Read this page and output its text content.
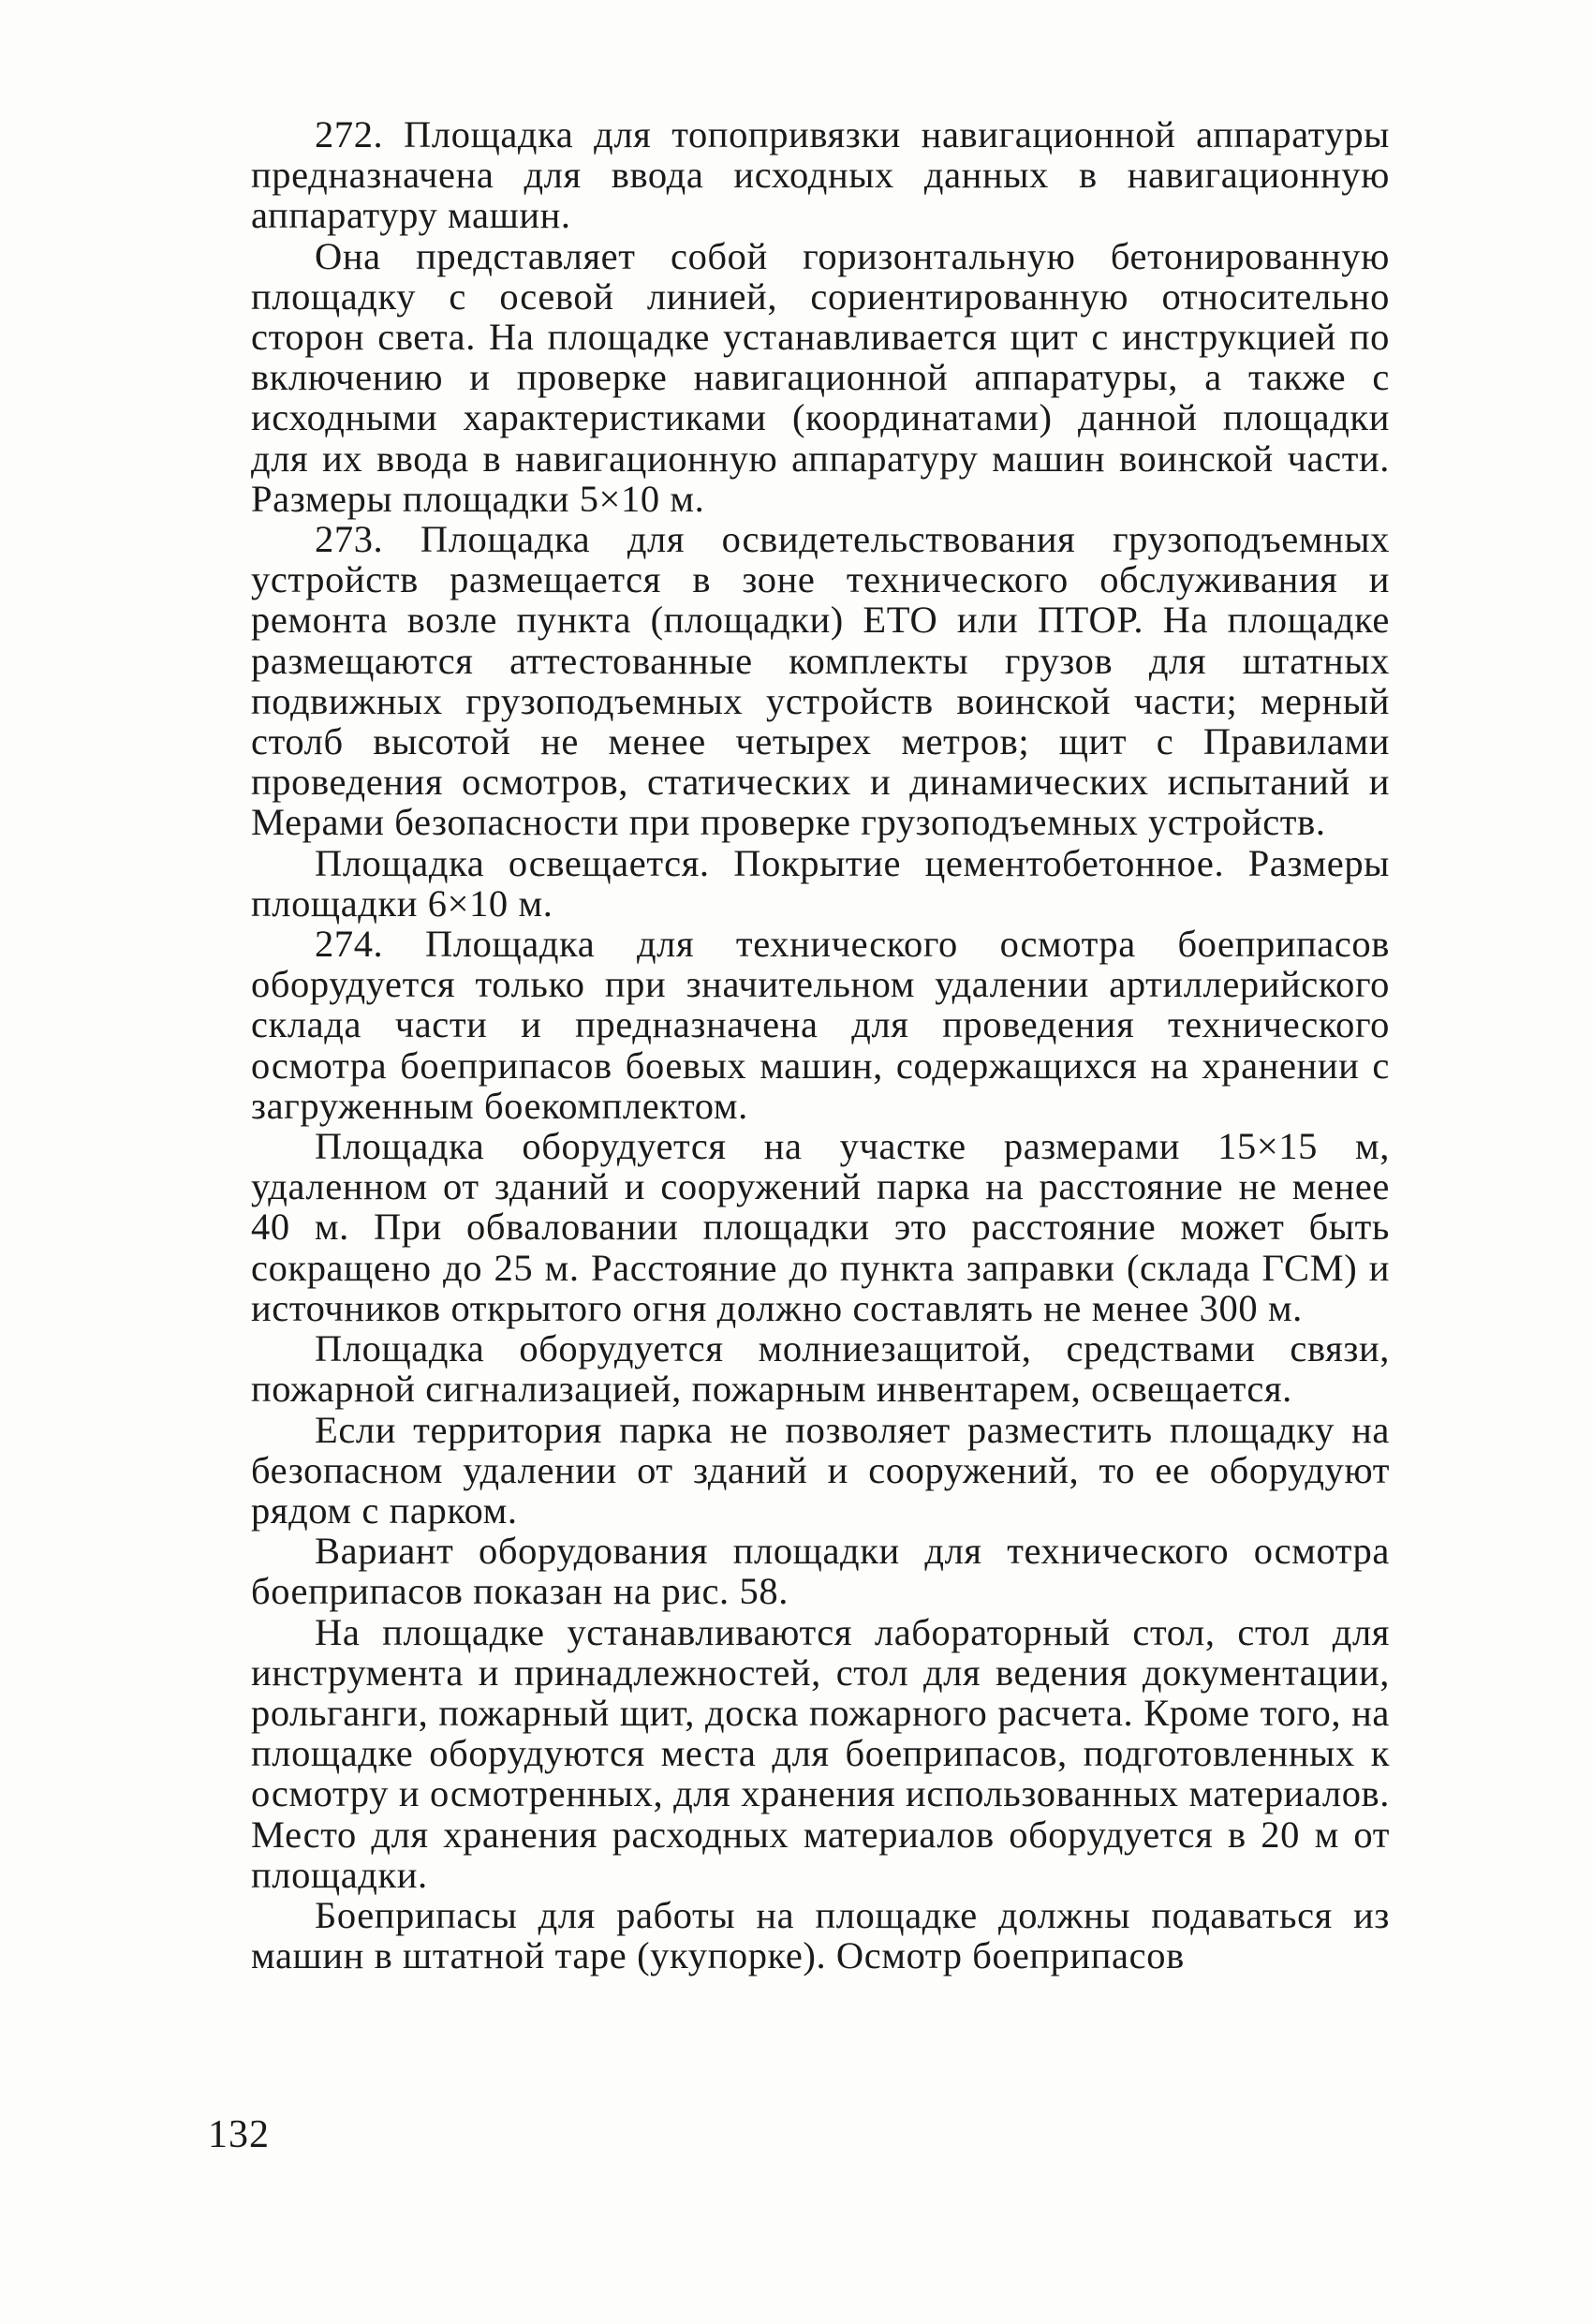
272. Площадка для топопривязки навигационной аппаратуры предназначена для ввода исходных данных в навигационную аппаратуру машин.

Она представляет собой горизонтальную бетонированную площадку с осевой линией, сориентированную относительно сторон света. На площадке устанавливается щит с инструкцией по включению и проверке навигационной аппаратуры, а также с исходными характеристиками (координатами) данной площадки для их ввода в навигационную аппаратуру машин воинской части. Размеры площадки 5×10 м.

273. Площадка для освидетельствования грузоподъемных устройств размещается в зоне технического обслуживания и ремонта возле пункта (площадки) ЕТО или ПТОР. На площадке размещаются аттестованные комплекты грузов для штатных подвижных грузоподъемных устройств воинской части; мерный столб высотой не менее четырех метров; щит с Правилами проведения осмотров, статических и динамических испытаний и Мерами безопасности при проверке грузоподъемных устройств.

Площадка освещается. Покрытие цементобетонное. Размеры площадки 6×10 м.

274. Площадка для технического осмотра боеприпасов оборудуется только при значительном удалении артиллерийского склада части и предназначена для проведения технического осмотра боеприпасов боевых машин, содержащихся на хранении с загруженным боекомплектом.

Площадка оборудуется на участке размерами 15×15 м, удаленном от зданий и сооружений парка на расстояние не менее 40 м. При обваловании площадки это расстояние может быть сокращено до 25 м. Расстояние до пункта заправки (склада ГСМ) и источников открытого огня должно составлять не менее 300 м.

Площадка оборудуется молниезащитой, средствами связи, пожарной сигнализацией, пожарным инвентарем, освещается.

Если территория парка не позволяет разместить площадку на безопасном удалении от зданий и сооружений, то ее оборудуют рядом с парком.

Вариант оборудования площадки для технического осмотра боеприпасов показан на рис. 58.

На площадке устанавливаются лабораторный стол, стол для инструмента и принадлежностей, стол для ведения документации, рольганги, пожарный щит, доска пожарного расчета. Кроме того, на площадке оборудуются места для боеприпасов, подготовленных к осмотру и осмотренных, для хранения использованных материалов. Место для хранения расходных материалов оборудуется в 20 м от площадки.

Боеприпасы для работы на площадке должны подаваться из машин в штатной таре (укупорке). Осмотр боеприпасов

132
